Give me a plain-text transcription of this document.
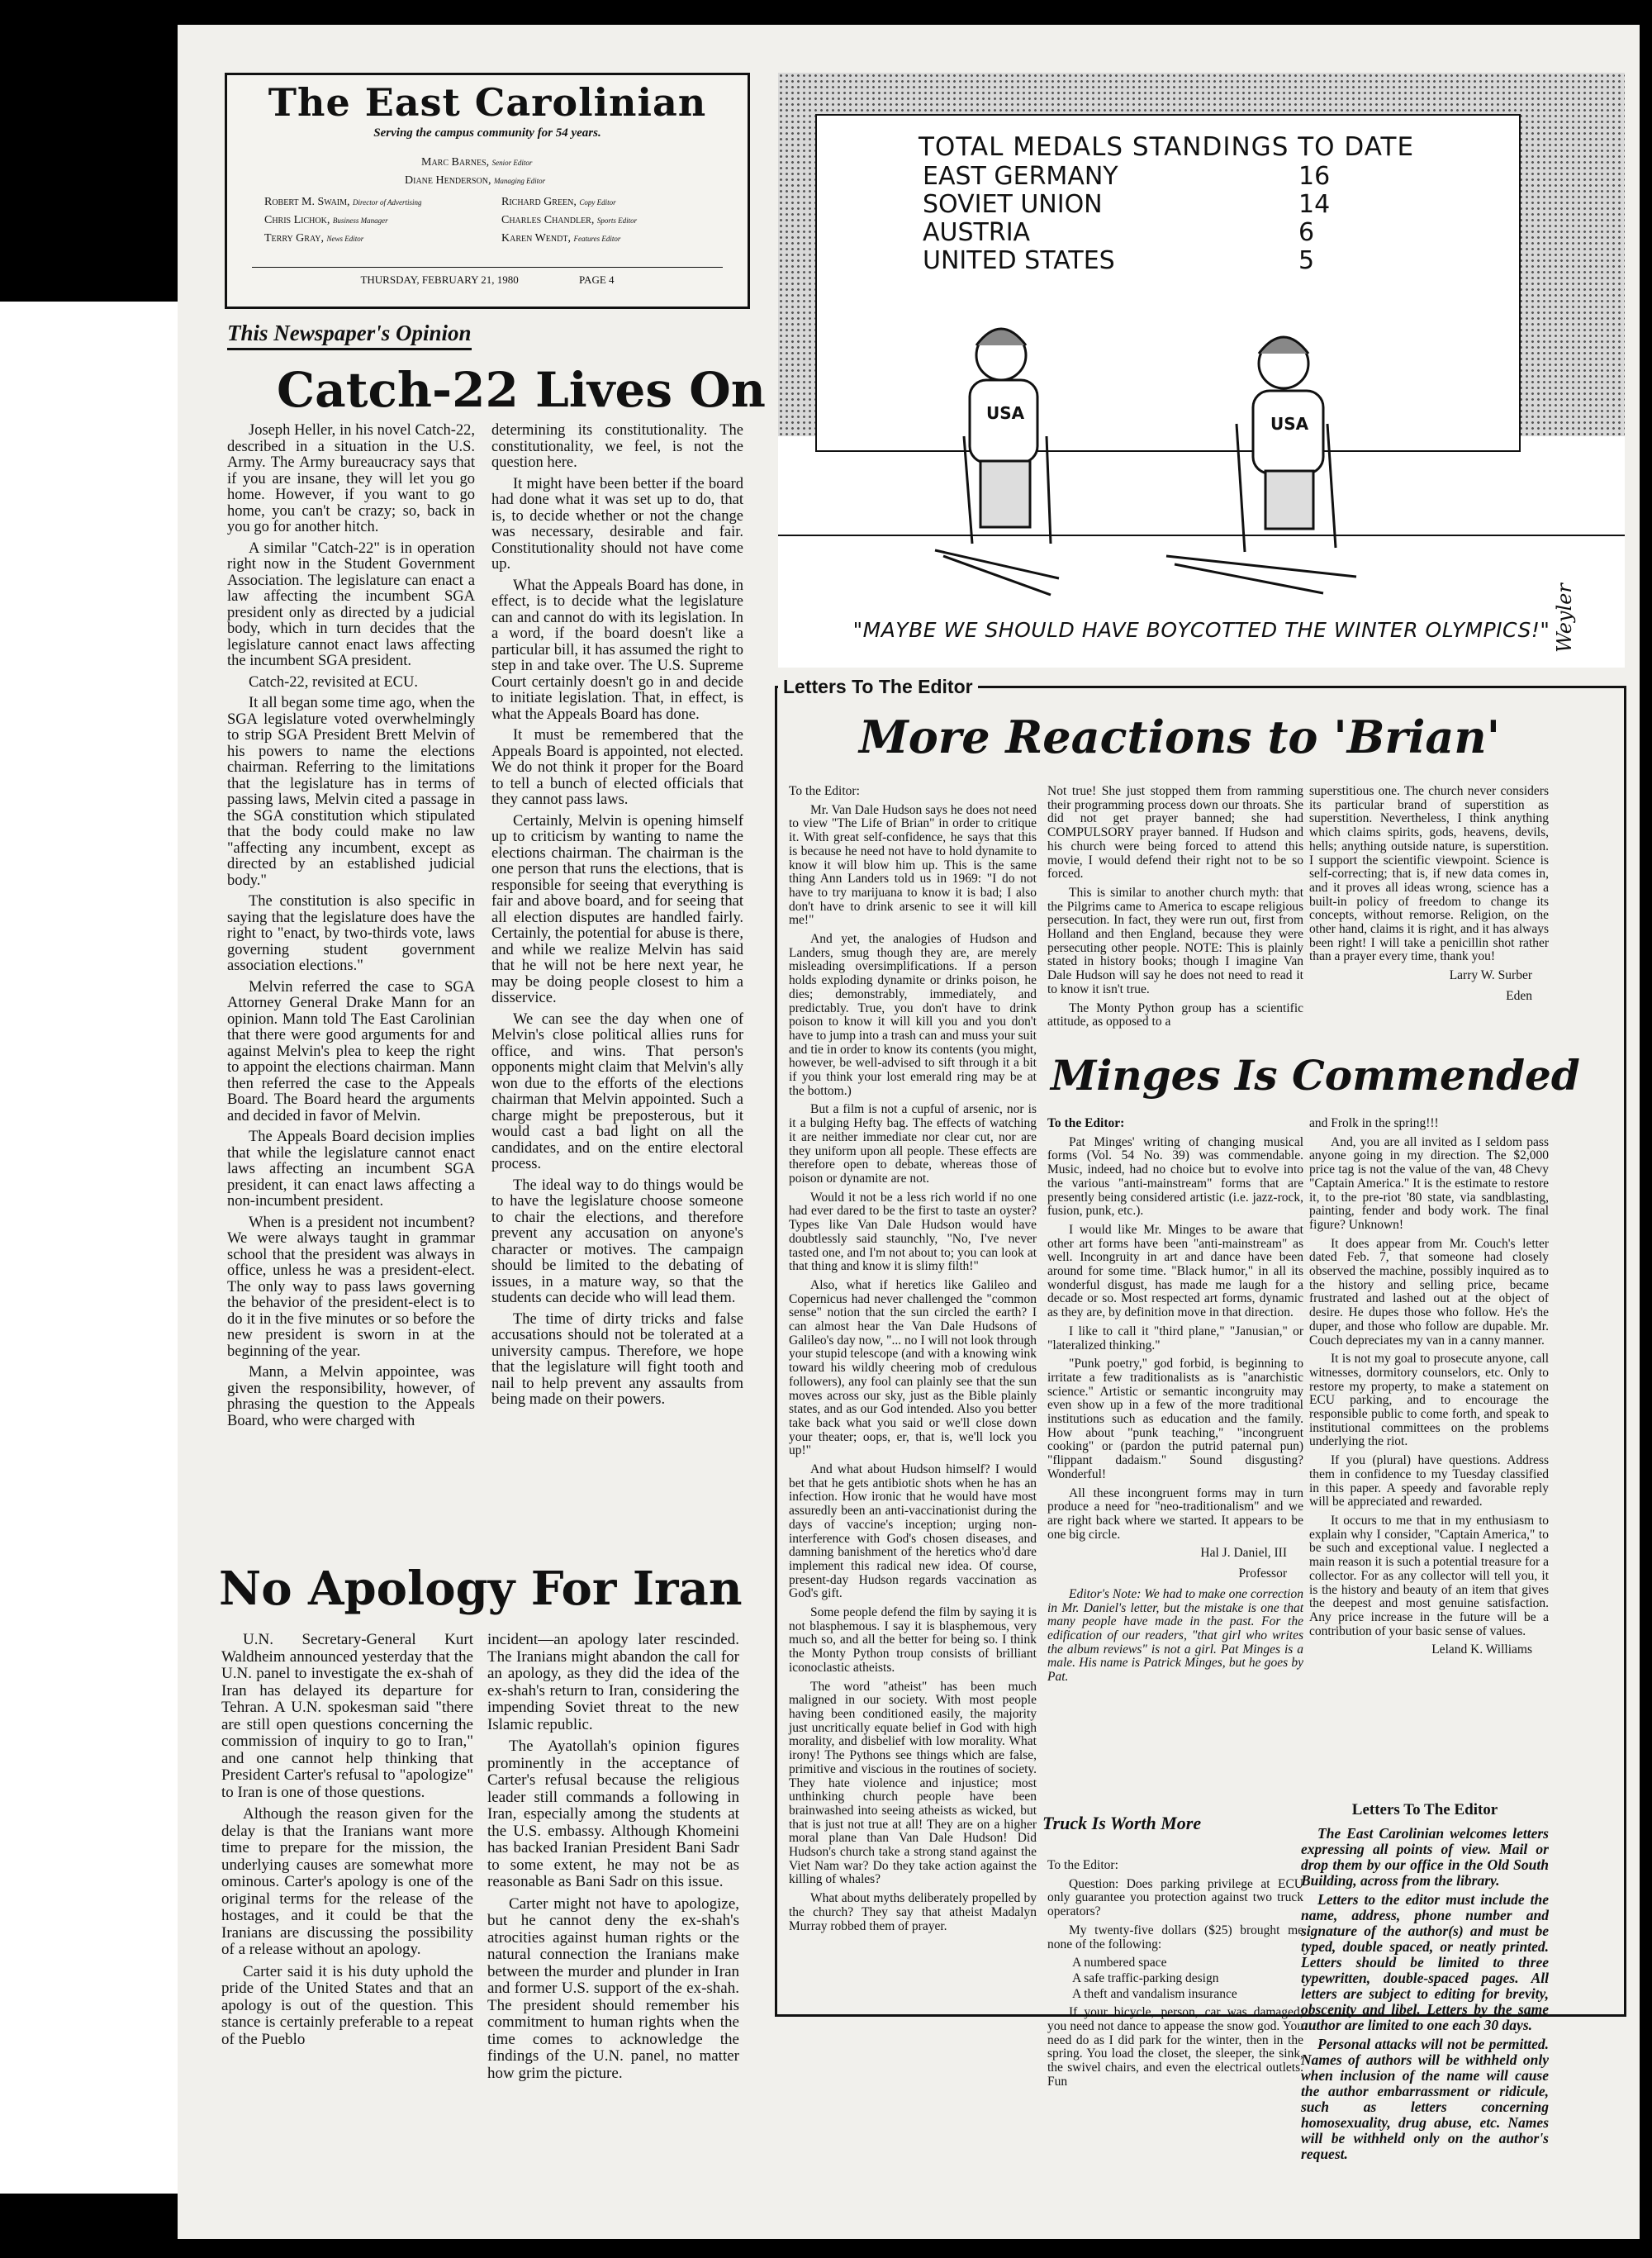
The East Carolinian
Serving the campus community for 54 years.
Marc Barnes, Senior Editor
Diane Henderson, Managing Editor
Robert M. Swaim, Director of Advertising	Richard Green, Copy Editor
Chris Lichok, Business Manager	Charles Chandler, Sports Editor
Terry Gray, News Editor	Karen Wendt, Features Editor
THURSDAY, FEBRUARY 21, 1980	PAGE 4
This Newspaper's Opinion
Catch-22 Lives On

Joseph Heller, in his novel Catch-22, described in a situation in the U.S. Army. The Army bureaucracy says that if you are insane, they will let you go home. However, if you want to go home, you can't be crazy; so, back in you go for another hitch.

A similar "Catch-22" is in operation right now in the Student Government Association. The legislature can enact a law affecting the incumbent SGA president only as directed by a judicial body, which in turn decides that the legislature cannot enact laws affecting the incumbent SGA president.

Catch-22, revisited at ECU.

It all began some time ago, when the SGA legislature voted overwhelmingly to strip SGA President Brett Melvin of his powers to name the elections chairman. Referring to the limitations that the legislature has in terms of passing laws, Melvin cited a passage in the SGA constitution which stipulated that the body could make no law "affecting any incumbent, except as directed by an established judicial body."

The constitution is also specific in saying that the legislature does have the right to "enact, by two-thirds vote, laws governing student government association elections."

Melvin referred the case to SGA Attorney General Drake Mann for an opinion. Mann told The East Carolinian that there were good arguments for and against Melvin's plea to keep the right to appoint the elections chairman. Mann then referred the case to the Appeals Board. The Board heard the arguments and decided in favor of Melvin.

The Appeals Board decision implies that while the legislature cannot enact laws affecting an incumbent SGA president, it can enact laws affecting a non-incumbent president.

When is a president not incumbent? We were always taught in grammar school that the president was always in office, unless he was a president-elect. The only way to pass laws governing the behavior of the president-elect is to do it in the five minutes or so before the new president is sworn in at the beginning of the year.

Mann, a Melvin appointee, was given the responsibility, however, of phrasing the question to the Appeals Board, who were charged with

determining its constitutionality. The constitutionality, we feel, is not the question here.

It might have been better if the board had done what it was set up to do, that is, to decide whether or not the change was necessary, desirable and fair. Constitutionality should not have come up.

What the Appeals Board has done, in effect, is to decide what the legislature can and cannot do with its legislation. In a word, if the board doesn't like a particular bill, it has assumed the right to step in and take over. The U.S. Supreme Court certainly doesn't go in and decide to initiate legislation. That, in effect, is what the Appeals Board has done.

It must be remembered that the Appeals Board is appointed, not elected. We do not think it proper for the Board to tell a bunch of elected officials that they cannot pass laws.

Certainly, Melvin is opening himself up to criticism by wanting to name the elections chairman. The chairman is the one person that runs the elections, that is responsible for seeing that everything is fair and above board, and for seeing that all election disputes are handled fairly. Certainly, the potential for abuse is there, and while we realize Melvin has said that he will not be here next year, he may be doing people closest to him a disservice.

We can see the day when one of Melvin's close political allies runs for office, and wins. That person's opponents might claim that Melvin's ally won due to the efforts of the elections chairman that Melvin appointed. Such a charge might be preposterous, but it would cast a bad light on all the candidates, and on the entire electoral process.

The ideal way to do things would be to have the legislature choose someone to chair the elections, and therefore prevent any accusation on anyone's character or motives. The campaign should be limited to the debating of issues, in a mature way, so that the students can decide who will lead them.

The time of dirty tricks and false accusations should not be tolerated at a university campus. Therefore, we hope that the legislature will fight tooth and nail to help prevent any assaults from being made on their powers.

No Apology For Iran

U.N. Secretary-General Kurt Waldheim announced yesterday that the U.N. panel to investigate the ex-shah of Iran has delayed its departure for Tehran. A U.N. spokesman said "there are still open questions concerning the commission of inquiry to go to Iran," and one cannot help thinking that President Carter's refusal to "apologize" to Iran is one of those questions.

Although the reason given for the delay is that the Iranians want more time to prepare for the mission, the underlying causes are somewhat more ominous. Carter's apology is one of the original terms for the release of the hostages, and it could be that the Iranians are discussing the possibility of a release without an apology.

Carter said it is his duty uphold the pride of the United States and that an apology is out of the question. This stance is certainly preferable to a repeat of the Pueblo

incident—an apology later rescinded. The Iranians might abandon the call for an apology, as they did the idea of the ex-shah's return to Iran, considering the impending Soviet threat to the new Islamic republic.

The Ayatollah's opinion figures prominently in the acceptance of Carter's refusal because the religious leader still commands a following in Iran, especially among the students at the U.S. embassy. Although Khomeini has backed Iranian President Bani Sadr to some extent, he may not be as reasonable as Bani Sadr on this issue.

Carter might not have to apologize, but he cannot deny the ex-shah's atrocities against human rights or the natural connection the Iranians make between the murder and plunder in Iran and former U.S. support of the ex-shah. The president should remember his commitment to human rights when the time comes to acknowledge the findings of the U.N. panel, no matter how grim the picture.

TOTAL MEDALS STANDINGS TO DATE
EAST GERMANY	16
SOVIET UNION	14
AUSTRIA	6
UNITED STATES	5
USA
USA
"MAYBE WE SHOULD HAVE BOYCOTTED THE WINTER OLYMPICS!" Weyler
Letters To The Editor
More Reactions to 'Brian'

To the Editor:

Mr. Van Dale Hudson says he does not need to view "The Life of Brian" in order to critique it. With great self-confidence, he says that this is because he need not have to hold dynamite to know it will blow him up. This is the same thing Ann Landers told us in 1969: "I do not have to try marijuana to know it is bad; I also don't have to drink arsenic to see it will kill me!"

And yet, the analogies of Hudson and Landers, smug though they are, are merely misleading oversimplifications. If a person holds exploding dynamite or drinks poison, he dies; demonstrably, immediately, and predictably. True, you don't have to drink poison to know it will kill you and you don't have to jump into a trash can and muss your suit and tie in order to know its contents (you might, however, be well-advised to sift through it a bit if you think your lost emerald ring may be at the bottom.)

But a film is not a cupful of arsenic, nor is it a bulging Hefty bag. The effects of watching it are neither immediate nor clear cut, nor are they uniform upon all people. These effects are therefore open to debate, whereas those of poison or dynamite are not.

Would it not be a less rich world if no one had ever dared to be the first to taste an oyster? Types like Van Dale Hudson would have doubtlessly said staunchly, "No, I've never tasted one, and I'm not about to; you can look at that thing and know it is slimy filth!"

Also, what if heretics like Galileo and Copernicus had never challenged the "common sense" notion that the sun circled the earth? I can almost hear the Van Dale Hudsons of Galileo's day now, "... no I will not look through your stupid telescope (and with a knowing wink toward his wildly cheering mob of credulous followers), any fool can plainly see that the sun moves across our sky, just as the Bible plainly states, and as our God intended. Also you better take back what you said or we'll close down your theater; oops, er, that is, we'll lock you up!"

And what about Hudson himself? I would bet that he gets antibiotic shots when he has an infection. How ironic that he would have most assuredly been an anti-vaccinationist during the days of vaccine's inception; urging non-interference with God's chosen diseases, and damning banishment of the heretics who'd dare implement this radical new idea. Of course, present-day Hudson regards vaccination as God's gift.

Some people defend the film by saying it is not blasphemous. I say it is blasphemous, very much so, and all the better for being so. I think the Monty Python troup consists of brilliant iconoclastic atheists.

The word "atheist" has been much maligned in our society. With most people having been conditioned easily, the majority just uncritically equate belief in God with high morality, and disbelief with low morality. What irony! The Pythons see things which are false, primitive and viscious in the routines of society. They hate violence and injustice; most unthinking church people have been brainwashed into seeing atheists as wicked, but that is just not true at all! They are on a higher moral plane than Van Dale Hudson! Did Hudson's church take a strong stand against the Viet Nam war? Do they take action against the killing of whales?

What about myths deliberately propelled by the church? They say that atheist Madalyn Murray robbed them of prayer.

Not true! She just stopped them from ramming their programming process down our throats. She did not get prayer banned; she had COMPULSORY prayer banned. If Hudson and his church were being forced to attend this movie, I would defend their right not to be so forced.

This is similar to another church myth: that the Pilgrims came to America to escape religious persecution. In fact, they were run out, first from Holland and then England, because they were persecuting other people. NOTE: This is plainly stated in history books; though I imagine Van Dale Hudson will say he does not need to read it to know it isn't true.

The Monty Python group has a scientific attitude, as opposed to a

superstitious one. The church never considers its particular brand of superstition as superstition. Nevertheless, I think anything which claims spirits, gods, heavens, devils, hells; anything outside nature, is superstition. I support the scientific viewpoint. Science is self-correcting; that is, if new data comes in, and it proves all ideas wrong, science has a built-in policy of freedom to change its concepts, without remorse. Religion, on the other hand, claims it is right, and it has always been right! I will take a penicillin shot rather than a prayer every time, thank you!

Larry W. Surber
Eden
Minges Is Commended

To the Editor:

Pat Minges' writing of changing musical forms (Vol. 54 No. 39) was commendable. Music, indeed, had no choice but to evolve into the various "anti-mainstream" forms that are presently being considered artistic (i.e. jazz-rock, fusion, punk, etc.).

I would like Mr. Minges to be aware that other art forms have been "anti-mainstream" as well. Incongruity in art and dance have been around for some time. "Black humor," in all its wonderful disgust, has made me laugh for a decade or so. Most respected art forms, dynamic as they are, by definition move in that direction.

I like to call it "third plane," "Janusian," or "lateralized thinking."

"Punk poetry," god forbid, is beginning to irritate a few traditionalists as is "anarchistic science." Artistic or semantic incongruity may even show up in a few of the more traditional institutions such as education and the family. How about "punk teaching," "incongruent cooking" or (pardon the putrid paternal pun) "flippant dadaism." Sound disgusting? Wonderful!

All these incongruent forms may in turn produce a need for "neo-traditionalism" and we are right back where we started. It appears to be one big circle.

Hal J. Daniel, III
Professor

Editor's Note: We had to make one correction in Mr. Daniel's letter, but the mistake is one that many people have made in the past. For the edification of our readers, "that girl who writes the album reviews" is not a girl. Pat Minges is a male. His name is Patrick Minges, but he goes by Pat.

Truck Is Worth More

To the Editor:

Question: Does parking privilege at ECU only guarantee you protection against two truck operators?

My twenty-five dollars ($25) brought me none of the following:

A numbered space

A safe traffic-parking design

A theft and vandalism insurance

If your bicycle, person, car was damaged; you need not dance to appease the snow god. You need do as I did park for the winter, then in the spring. You load the closet, the sleeper, the sink, the swivel chairs, and even the electrical outlets. Fun

and Frolk in the spring!!!

And, you are all invited as I seldom pass anyone going in my direction. The $2,000 price tag is not the value of the van, 48 Chevy "Captain America." It is the estimate to restore it, to the pre-riot '80 state, via sandblasting, painting, fender and body work. The final figure? Unknown!

It does appear from Mr. Couch's letter dated Feb. 7, that someone had closely observed the machine, possibly inquired as to the history and selling price, became frustrated and lashed out at the object of desire. He dupes those who follow. He's the duper, and those who follow are dupable. Mr. Couch depreciates my van in a canny manner.

It is not my goal to prosecute anyone, call witnesses, dormitory counselors, etc. Only to restore my property, to make a statement on ECU parking, and to encourage the responsible public to come forth, and speak to institutional committees on the problems underlying the riot.

If you (plural) have questions. Address them in confidence to my Tuesday classified in this paper. A speedy and favorable reply will be appreciated and rewarded.

It occurs to me that in my enthusiasm to explain why I consider, "Captain America," to be such and exceptional value. I neglected a main reason it is such a potential treasure for a collector. For as any collector will tell you, it is the history and beauty of an item that gives the deepest and most genuine satisfaction. Any price increase in the future will be a contribution of your basic sense of values.

Leland K. Williams
Letters To The Editor

The East Carolinian welcomes letters expressing all points of view. Mail or drop them by our office in the Old South Building, across from the library.

Letters to the editor must include the name, address, phone number and signature of the author(s) and must be typed, double spaced, or neatly printed. Letters should be limited to three typewritten, double-spaced pages. All letters are subject to editing for brevity, obscenity and libel. Letters by the same author are limited to one each 30 days.

Personal attacks will not be permitted. Names of authors will be withheld only when inclusion of the name will cause the author embarrassment or ridicule, such as letters concerning homosexuality, drug abuse, etc. Names will be withheld only on the author's request.

↑
↑
